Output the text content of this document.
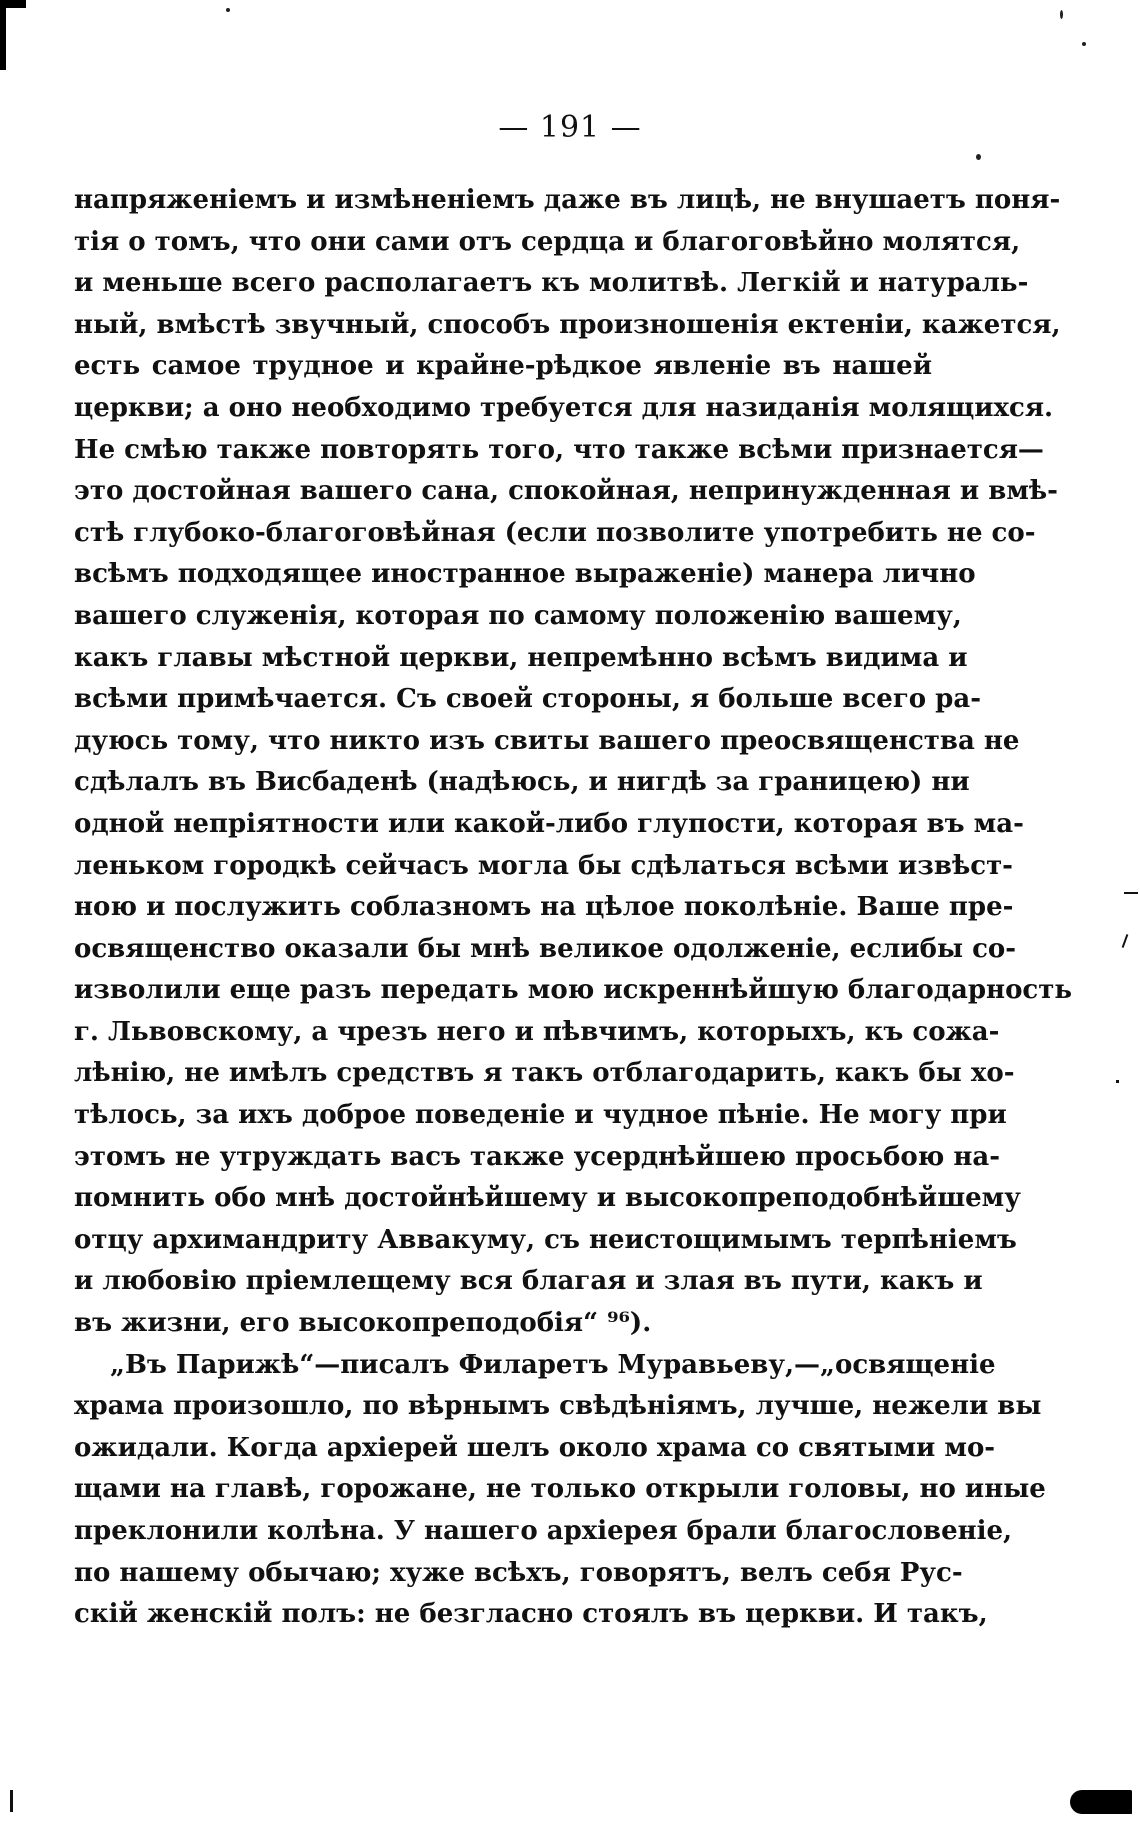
— 191 —
напряженіемъ и измѣненіемъ даже въ лицѣ, не внушаетъ поня-
тія о томъ, что они сами отъ сердца и благоговѣйно молятся,
и меньше всего располагаетъ къ молитвѣ. Легкій и натураль-
ный, вмѣстѣ звучный, способъ произношенія ектеніи, кажется,
есть самое трудное и крайне-рѣдкое явленіе въ нашей
церкви; а оно необходимо требуется для назиданія молящихся.
Не смѣю также повторять того, что также всѣми признается—
это достойная вашего сана, спокойная, непринужденная и вмѣ-
стѣ глубоко-благоговѣйная (если позволите употребить не со-
всѣмъ подходящее иностранное выраженіе) манера лично
вашего служенія, которая по самому положенію вашему,
какъ главы мѣстной церкви, непремѣнно всѣмъ видима и
всѣми примѣчается. Съ своей стороны, я больше всего ра-
дуюсь тому, что никто изъ свиты вашего преосвященства не
сдѣлалъ въ Висбаденѣ (надѣюсь, и нигдѣ за границею) ни
одной непріятности или какой-либо глупости, которая въ ма-
леньком городкѣ сейчасъ могла бы сдѣлаться всѣми извѣст-
ною и послужить соблазномъ на цѣлое поколѣніе. Ваше пре-
освященство оказали бы мнѣ великое одолженіе, еслибы со-
изволили еще разъ передать мою искреннѣйшую благодарность
г. Львовскому, а чрезъ него и пѣвчимъ, которыхъ, къ сожа-
лѣнію, не имѣлъ средствъ я такъ отблагодарить, какъ бы хо-
тѣлось, за ихъ доброе поведеніе и чудное пѣніе. Не могу при
этомъ не утруждать васъ также усерднѣйшею просьбою на-
помнить обо мнѣ достойнѣйшему и высокопреподобнѣйшему
отцу архимандриту Аввакуму, съ неистощимымъ терпѣніемъ
и любовію пріемлещему вся благая и злая въ пути, какъ и
въ жизни, его высокопреподобія“ ⁹⁶).
„Въ Парижѣ“—писалъ Филаретъ Муравьеву,—„освященіе
храма произошло, по вѣрнымъ свѣдѣніямъ, лучше, нежели вы
ожидали. Когда архіерей шелъ около храма со святыми мо-
щами на главѣ, горожане, не только открыли головы, но иные
преклонили колѣна. У нашего архіерея брали благословеніе,
по нашему обычаю; хуже всѣхъ, говорятъ, велъ себя Рус-
скій женскій полъ: не безгласно стоялъ въ церкви. И такъ,
